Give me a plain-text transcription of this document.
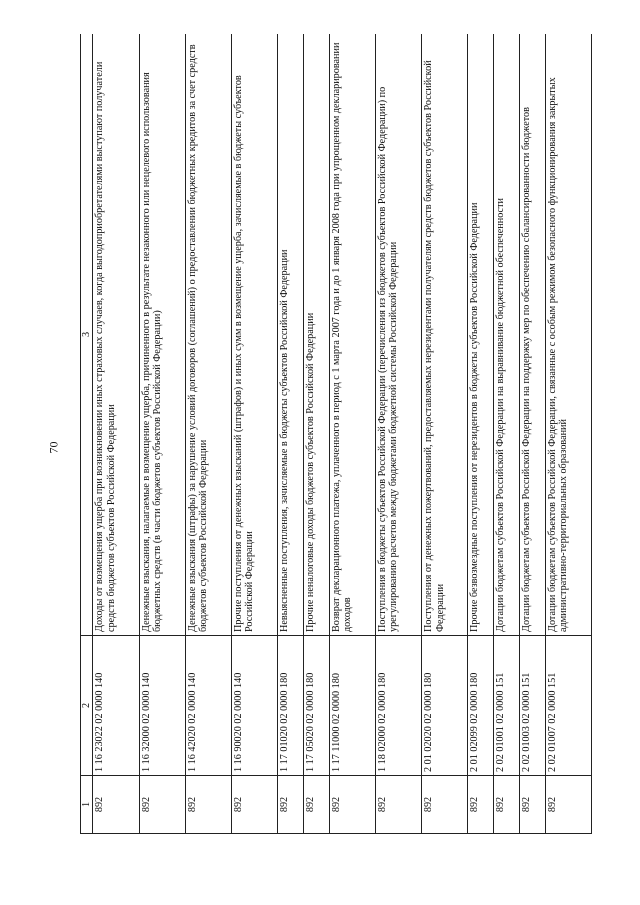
70
1	2	3
892	1 16 23022 02 0000 140	Доходы от возмещения ущерба при возникновении иных страховых случаев, когда выгодоприобретателями выступают получатели средств бюджетов субъектов Российской Федерации
892	1 16 32000 02 0000 140	Денежные взыскания, налагаемые в возмещение ущерба, причиненного в результате незаконного или нецелевого использования бюджетных средств (в части бюджетов субъектов Российской Федерации)
892	1 16 42020 02 0000 140	Денежные взыскания (штрафы) за нарушение условий договоров (соглашений) о предоставлении бюджетных кредитов за счет средств бюджетов субъектов Российской Федерации
892	1 16 90020 02 0000 140	Прочие поступления от денежных взысканий (штрафов) и иных сумм в возмещение ущерба, зачисляемые в бюджеты субъектов Российской Федерации
892	1 17 01020 02 0000 180	Невыясненные поступления, зачисляемые в бюджеты субъектов Российской Федерации
892	1 17 05020 02 0000 180	Прочие неналоговые доходы бюджетов субъектов Российской Федерации
892	1 17 11000 02 0000 180	Возврат декларационного платежа, уплаченного в период с 1 марта 2007 года и до 1 января 2008 года при упрощенном декларировании доходов
892	1 18 02000 02 0000 180	Поступления в бюджеты субъектов Российской Федерации (перечисления из бюджетов субъектов Российской Федерации) по урегулированию расчетов между бюджетами бюджетной системы Российской Федерации
892	2 01 02020 02 0000 180	Поступления от денежных пожертвований, предоставляемых нерезидентами получателям средств бюджетов субъектов Российской Федерации
892	2 01 02099 02 0000 180	Прочие безвозмездные поступления от нерезидентов в бюджеты субъектов Российской Федерации
892	2 02 01001 02 0000 151	Дотации бюджетам субъектов Российской Федерации на выравнивание бюджетной обеспеченности
892	2 02 01003 02 0000 151	Дотации бюджетам субъектов Российской Федерации на поддержку мер по обеспечению сбалансированности бюджетов
892	2 02 01007 02 0000 151	Дотации бюджетам субъектов Российской Федерации, связанные с особым режимом безопасного функционирования закрытых административно-территориальных образований
